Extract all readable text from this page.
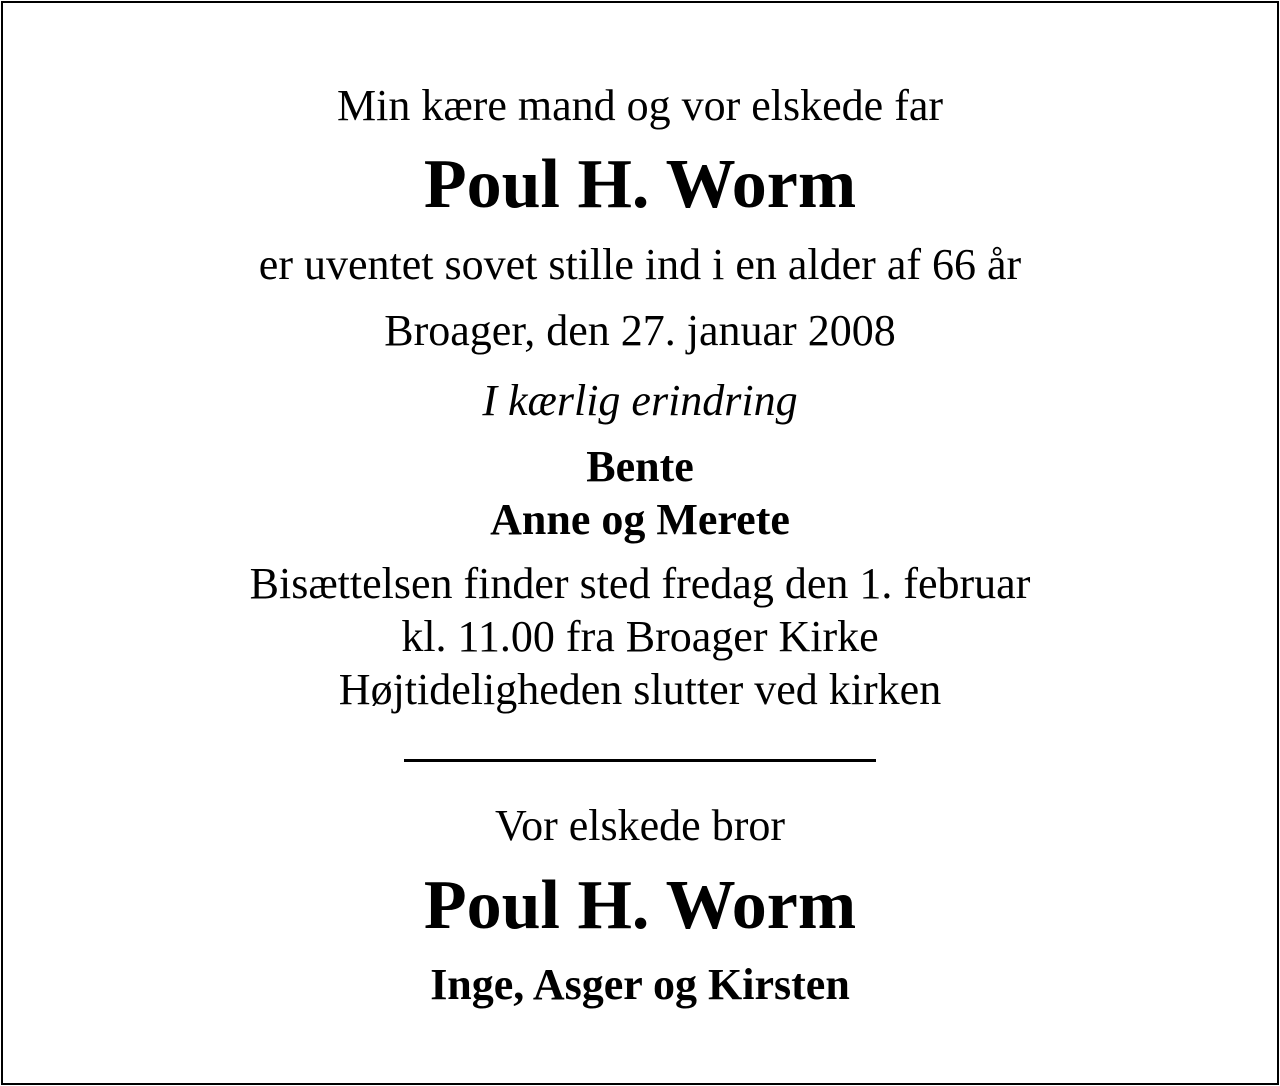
Min kære mand og vor elskede far
Poul H. Worm
er uventet sovet stille ind i en alder af 66 år
Broager, den 27. januar 2008
I kærlig erindring
Bente
Anne og Merete
Bisættelsen finder sted fredag den 1. februar
kl. 11.00 fra Broager Kirke
Højtideligheden slutter ved kirken
Vor elskede bror
Poul H. Worm
Inge, Asger og Kirsten
